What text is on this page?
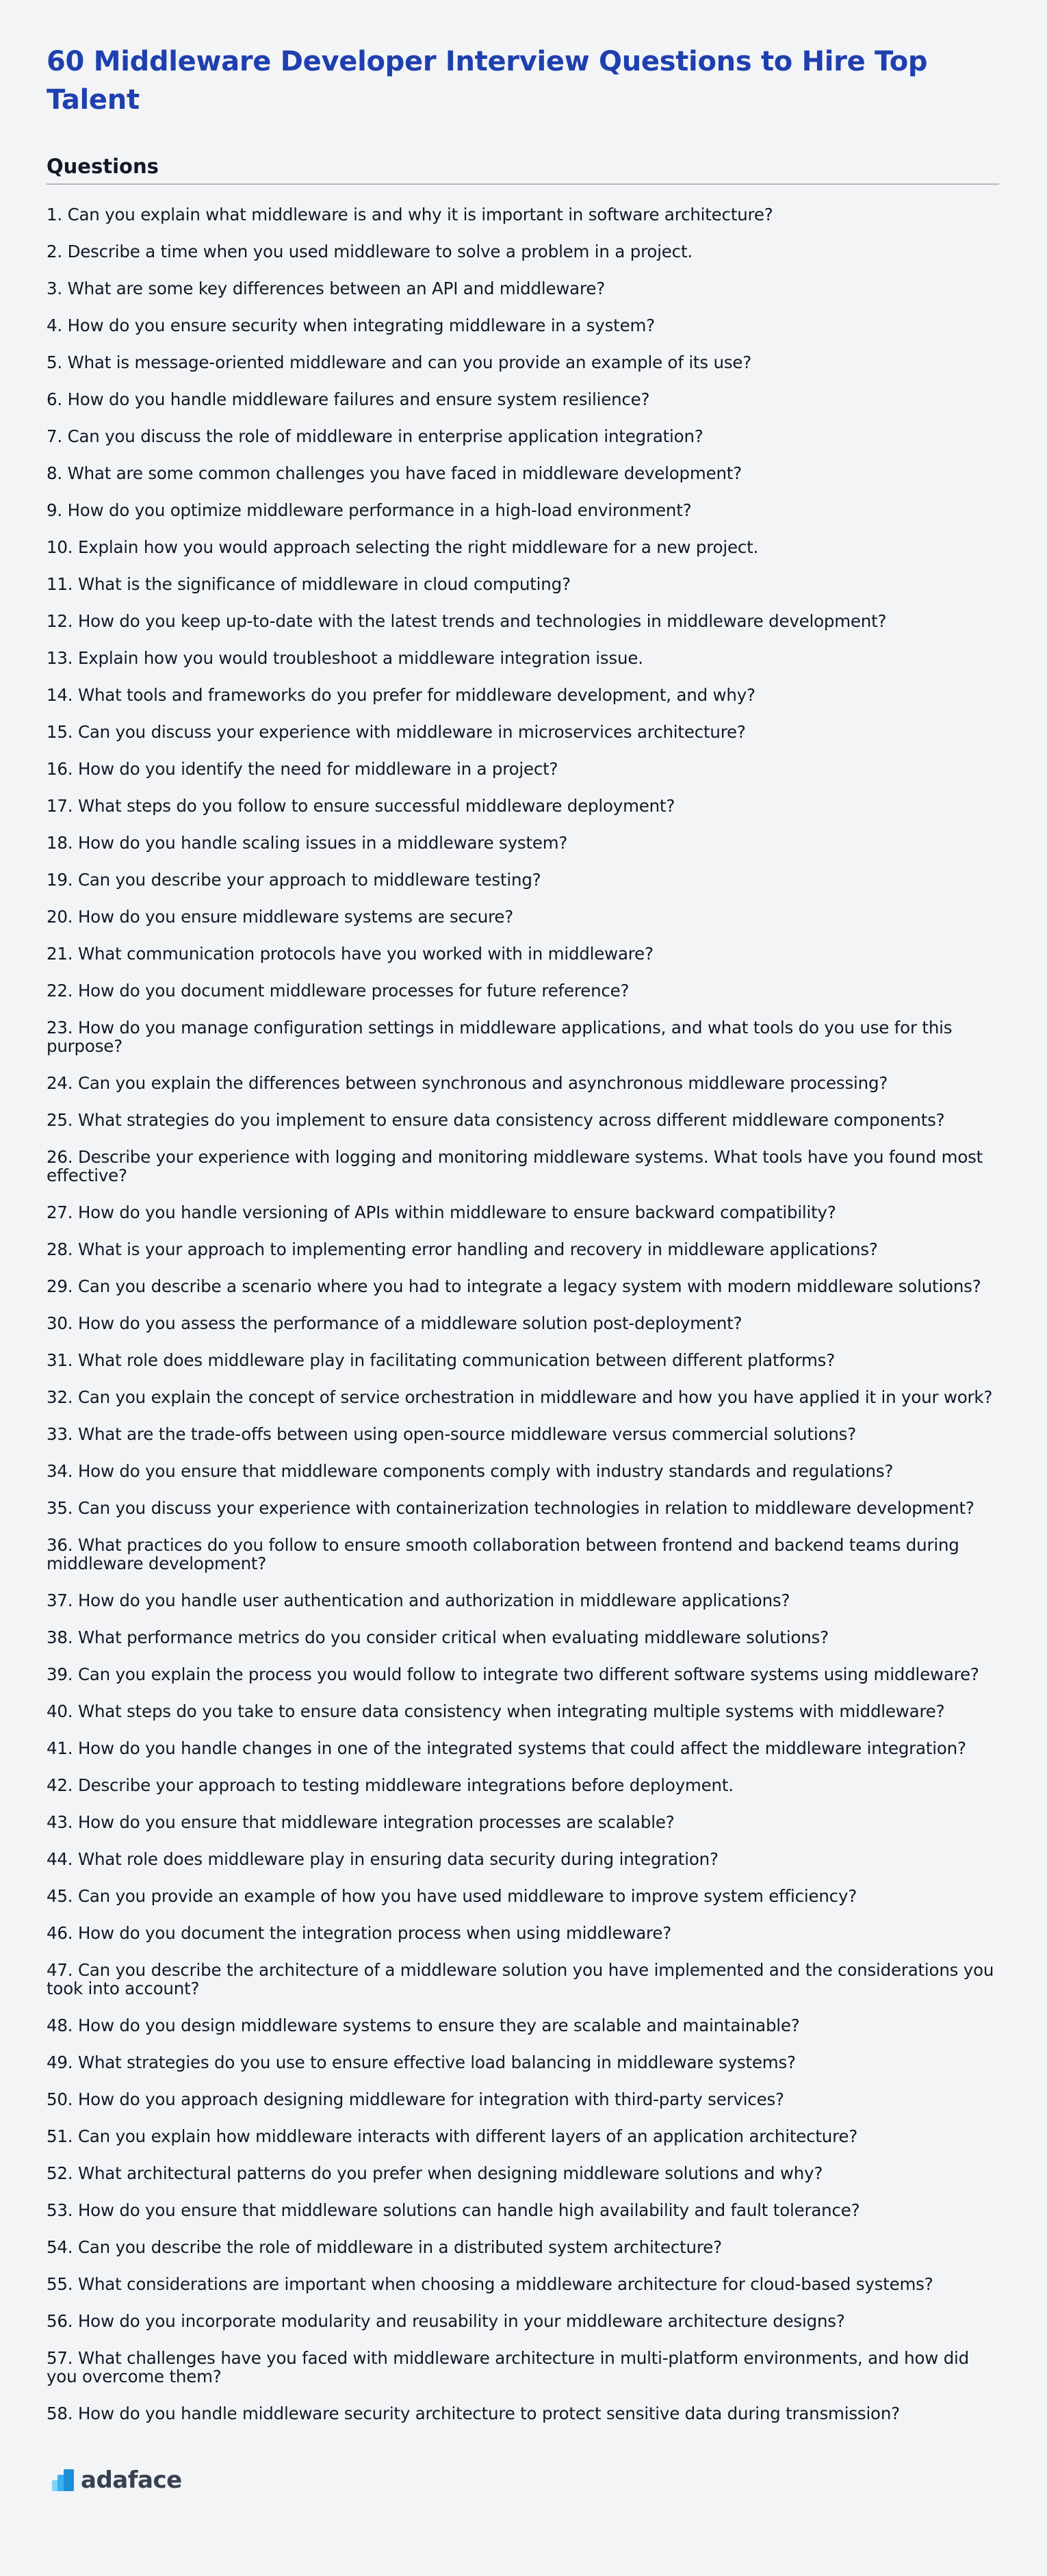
60 Middleware Developer Interview Questions to Hire Top Talent
Questions
1. Can you explain what middleware is and why it is important in software architecture?
2. Describe a time when you used middleware to solve a problem in a project.
3. What are some key differences between an API and middleware?
4. How do you ensure security when integrating middleware in a system?
5. What is message-oriented middleware and can you provide an example of its use?
6. How do you handle middleware failures and ensure system resilience?
7. Can you discuss the role of middleware in enterprise application integration?
8. What are some common challenges you have faced in middleware development?
9. How do you optimize middleware performance in a high-load environment?
10. Explain how you would approach selecting the right middleware for a new project.
11. What is the significance of middleware in cloud computing?
12. How do you keep up-to-date with the latest trends and technologies in middleware development?
13. Explain how you would troubleshoot a middleware integration issue.
14. What tools and frameworks do you prefer for middleware development, and why?
15. Can you discuss your experience with middleware in microservices architecture?
16. How do you identify the need for middleware in a project?
17. What steps do you follow to ensure successful middleware deployment?
18. How do you handle scaling issues in a middleware system?
19. Can you describe your approach to middleware testing?
20. How do you ensure middleware systems are secure?
21. What communication protocols have you worked with in middleware?
22. How do you document middleware processes for future reference?
23. How do you manage configuration settings in middleware applications, and what tools do you use for this purpose?
24. Can you explain the differences between synchronous and asynchronous middleware processing?
25. What strategies do you implement to ensure data consistency across different middleware components?
26. Describe your experience with logging and monitoring middleware systems. What tools have you found most effective?
27. How do you handle versioning of APIs within middleware to ensure backward compatibility?
28. What is your approach to implementing error handling and recovery in middleware applications?
29. Can you describe a scenario where you had to integrate a legacy system with modern middleware solutions?
30. How do you assess the performance of a middleware solution post-deployment?
31. What role does middleware play in facilitating communication between different platforms?
32. Can you explain the concept of service orchestration in middleware and how you have applied it in your work?
33. What are the trade-offs between using open-source middleware versus commercial solutions?
34. How do you ensure that middleware components comply with industry standards and regulations?
35. Can you discuss your experience with containerization technologies in relation to middleware development?
36. What practices do you follow to ensure smooth collaboration between frontend and backend teams during middleware development?
37. How do you handle user authentication and authorization in middleware applications?
38. What performance metrics do you consider critical when evaluating middleware solutions?
39. Can you explain the process you would follow to integrate two different software systems using middleware?
40. What steps do you take to ensure data consistency when integrating multiple systems with middleware?
41. How do you handle changes in one of the integrated systems that could affect the middleware integration?
42. Describe your approach to testing middleware integrations before deployment.
43. How do you ensure that middleware integration processes are scalable?
44. What role does middleware play in ensuring data security during integration?
45. Can you provide an example of how you have used middleware to improve system efficiency?
46. How do you document the integration process when using middleware?
47. Can you describe the architecture of a middleware solution you have implemented and the considerations you took into account?
48. How do you design middleware systems to ensure they are scalable and maintainable?
49. What strategies do you use to ensure effective load balancing in middleware systems?
50. How do you approach designing middleware for integration with third-party services?
51. Can you explain how middleware interacts with different layers of an application architecture?
52. What architectural patterns do you prefer when designing middleware solutions and why?
53. How do you ensure that middleware solutions can handle high availability and fault tolerance?
54. Can you describe the role of middleware in a distributed system architecture?
55. What considerations are important when choosing a middleware architecture for cloud-based systems?
56. How do you incorporate modularity and reusability in your middleware architecture designs?
57. What challenges have you faced with middleware architecture in multi-platform environments, and how did you overcome them?
58. How do you handle middleware security architecture to protect sensitive data during transmission?
adaface
